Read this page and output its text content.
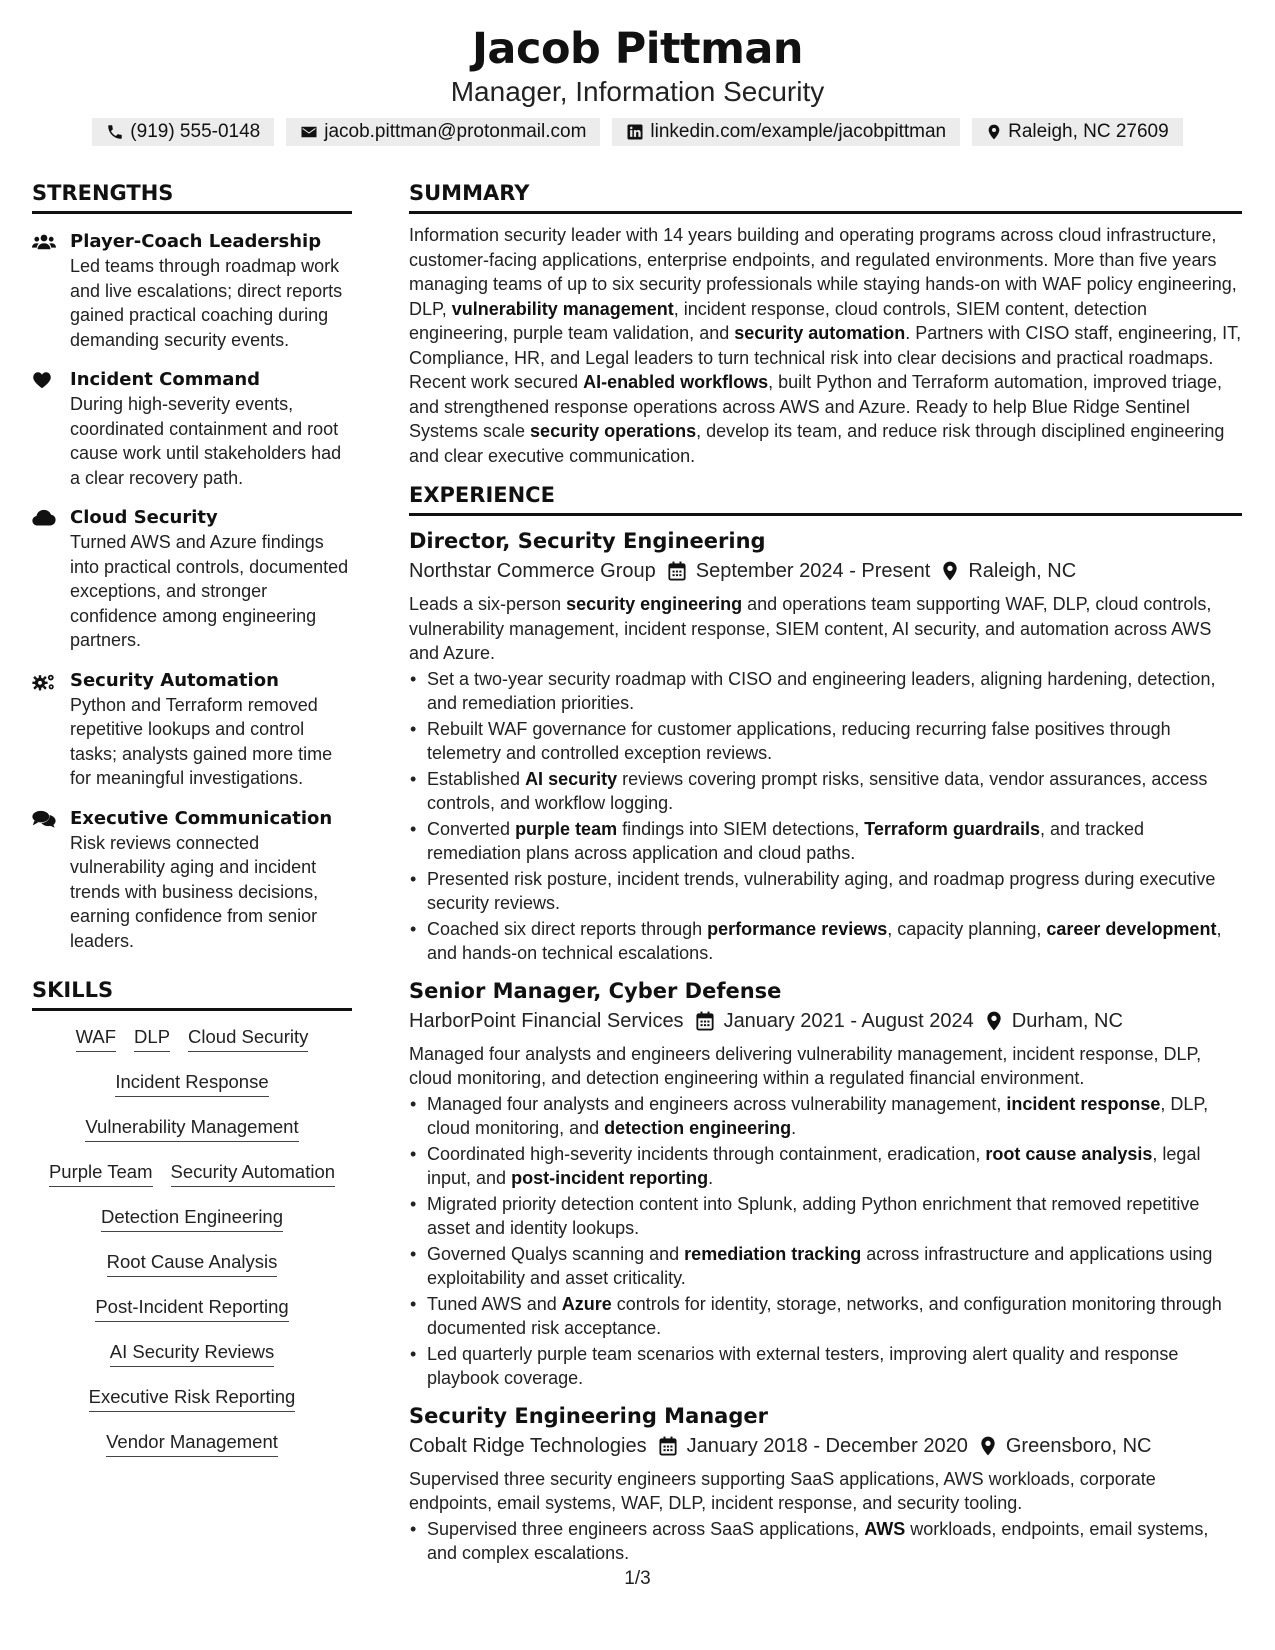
Jacob Pittman
Manager, Information Security
(919) 555-0148	jacob.pittman@protonmail.com	linkedin.com/example/jacobpittman	Raleigh, NC 27609
STRENGTHS
Player-Coach Leadership
Led teams through roadmap work and live escalations; direct reports gained practical coaching during demanding security events.
Incident Command
During high-severity events, coordinated containment and root cause work until stakeholders had a clear recovery path.
Cloud Security
Turned AWS and Azure findings into practical controls, documented exceptions, and stronger confidence among engineering partners.
Security Automation
Python and Terraform removed repetitive lookups and control tasks; analysts gained more time for meaningful investigations.
Executive Communication
Risk reviews connected vulnerability aging and incident trends with business decisions, earning confidence from senior leaders.
SKILLS
WAF DLP Cloud Security
Incident Response
Vulnerability Management
Purple Team Security Automation
Detection Engineering
Root Cause Analysis
Post-Incident Reporting
AI Security Reviews
Executive Risk Reporting
Vendor Management
SUMMARY
Information security leader with 14 years building and operating programs across cloud infrastructure, customer-facing applications, enterprise endpoints, and regulated environments. More than five years managing teams of up to six security professionals while staying hands-on with WAF policy engineering, DLP, vulnerability management, incident response, cloud controls, SIEM content, detection engineering, purple team validation, and security automation. Partners with CISO staff, engineering, IT, Compliance, HR, and Legal leaders to turn technical risk into clear decisions and practical roadmaps. Recent work secured AI-enabled workflows, built Python and Terraform automation, improved triage, and strengthened response operations across AWS and Azure. Ready to help Blue Ridge Sentinel Systems scale security operations, develop its team, and reduce risk through disciplined engineering and clear executive communication.
EXPERIENCE
Director, Security Engineering
Northstar Commerce Group September 2024 - Present Raleigh, NC
Leads a six-person security engineering and operations team supporting WAF, DLP, cloud controls, vulnerability management, incident response, SIEM content, AI security, and automation across AWS and Azure.
• Set a two-year security roadmap with CISO and engineering leaders, aligning hardening, detection, and remediation priorities.
• Rebuilt WAF governance for customer applications, reducing recurring false positives through telemetry and controlled exception reviews.
• Established AI security reviews covering prompt risks, sensitive data, vendor assurances, access controls, and workflow logging.
• Converted purple team findings into SIEM detections, Terraform guardrails, and tracked remediation plans across application and cloud paths.
• Presented risk posture, incident trends, vulnerability aging, and roadmap progress during executive security reviews.
• Coached six direct reports through performance reviews, capacity planning, career development, and hands-on technical escalations.
Senior Manager, Cyber Defense
HarborPoint Financial Services January 2021 - August 2024 Durham, NC
Managed four analysts and engineers delivering vulnerability management, incident response, DLP, cloud monitoring, and detection engineering within a regulated financial environment.
• Managed four analysts and engineers across vulnerability management, incident response, DLP, cloud monitoring, and detection engineering.
• Coordinated high-severity incidents through containment, eradication, root cause analysis, legal input, and post-incident reporting.
• Migrated priority detection content into Splunk, adding Python enrichment that removed repetitive asset and identity lookups.
• Governed Qualys scanning and remediation tracking across infrastructure and applications using exploitability and asset criticality.
• Tuned AWS and Azure controls for identity, storage, networks, and configuration monitoring through documented risk acceptance.
• Led quarterly purple team scenarios with external testers, improving alert quality and response playbook coverage.
Security Engineering Manager
Cobalt Ridge Technologies January 2018 - December 2020 Greensboro, NC
Supervised three security engineers supporting SaaS applications, AWS workloads, corporate endpoints, email systems, WAF, DLP, incident response, and security tooling.
• Supervised three engineers across SaaS applications, AWS workloads, endpoints, email systems, and complex escalations.
1/3
